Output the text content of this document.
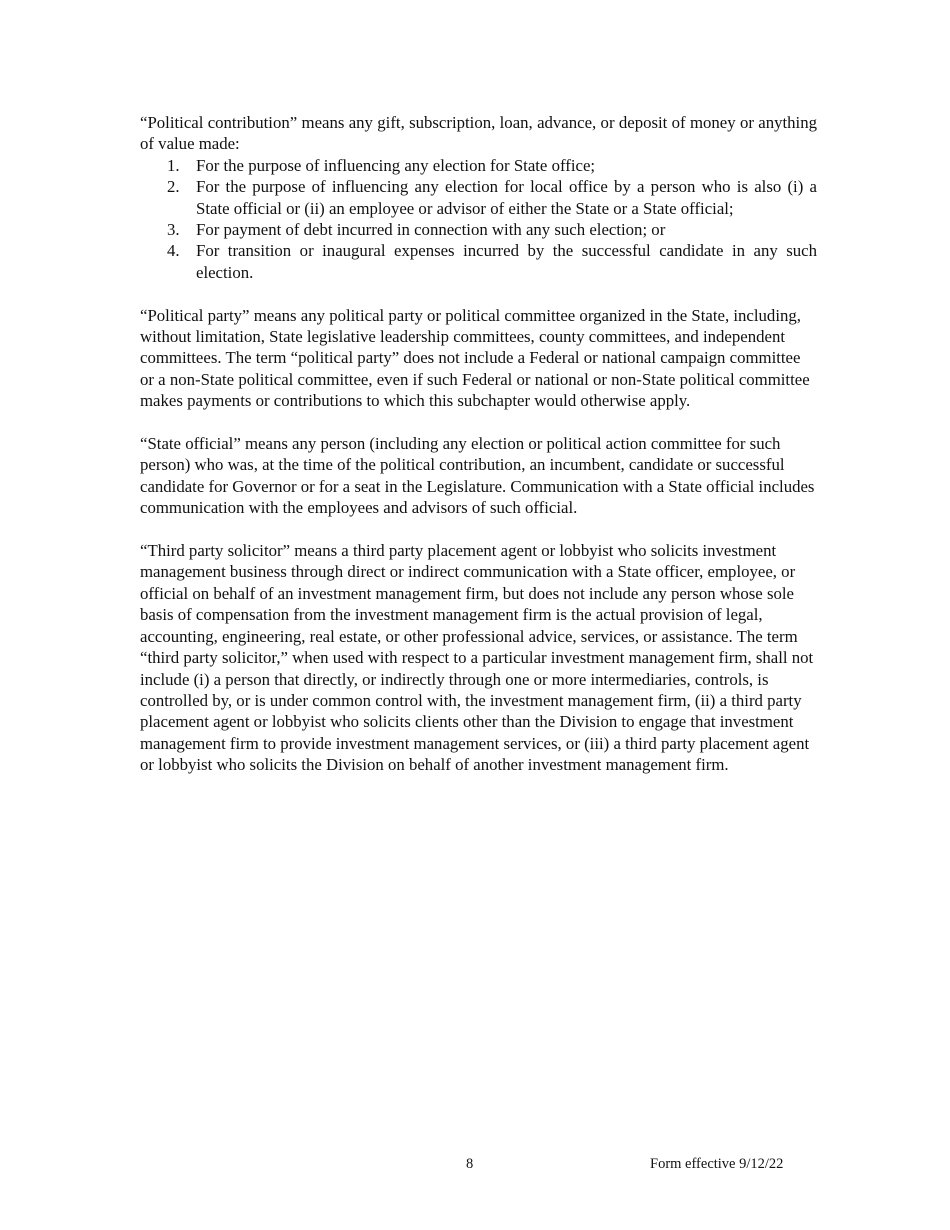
“Political contribution” means any gift, subscription, loan, advance, or deposit of money or anything of value made:

1. For the purpose of influencing any election for State office;
2. For the purpose of influencing any election for local office by a person who is also (i) a State official or (ii) an employee or advisor of either the State or a State official;
3. For payment of debt incurred in connection with any such election; or
4. For transition or inaugural expenses incurred by the successful candidate in any such election.

“Political party” means any political party or political committee organized in the State, including, without limitation, State legislative leadership committees, county committees, and independent committees. The term “political party” does not include a Federal or national campaign committee or a non-State political committee, even if such Federal or national or non-State political committee makes payments or contributions to which this subchapter would otherwise apply.

“State official” means any person (including any election or political action committee for such person) who was, at the time of the political contribution, an incumbent, candidate or successful candidate for Governor or for a seat in the Legislature. Communication with a State official includes communication with the employees and advisors of such official.

“Third party solicitor” means a third party placement agent or lobbyist who solicits investment management business through direct or indirect communication with a State officer, employee, or official on behalf of an investment management firm, but does not include any person whose sole basis of compensation from the investment management firm is the actual provision of legal, accounting, engineering, real estate, or other professional advice, services, or assistance. The term “third party solicitor,” when used with respect to a particular investment management firm, shall not include (i) a person that directly, or indirectly through one or more intermediaries, controls, is controlled by, or is under common control with, the investment management firm, (ii) a third party placement agent or lobbyist who solicits clients other than the Division to engage that investment management firm to provide investment management services, or (iii) a third party placement agent or lobbyist who solicits the Division on behalf of another investment management firm.

8	Form effective 9/12/22
